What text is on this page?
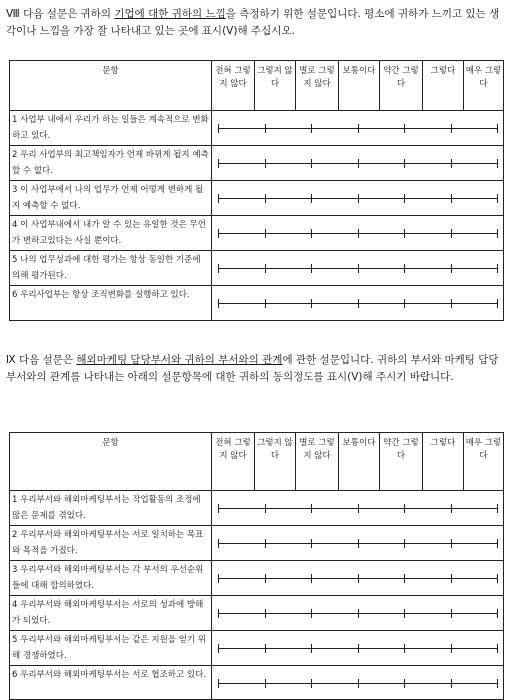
Ⅷ 다음 설문은 귀하의 기업에 대한 귀하의 느낌을 측정하기 위한 설문입니다. 평소에 귀하가 느끼고 있는 생각이나 느낌을 가장 잘 나타내고 있는 곳에 표시(V)해 주십시오.
문항	전혀 그렇지 않다	그렇지 않다	별로 그렇지 않다	보통이다	약간 그렇다	그렇다	매우 그렇다
1 사업부 내에서 우리가 하는 일들은 계속적으로 변화하고 있다.							

2 우리 사업부의 최고책임자가 언제 바뀌게 될지 예측할 수 없다.							

3 이 사업부에서 나의 업무가 언제 어떻게 변하게 될지 예측할 수 없다.							

4 이 사업부내에서 내가 알 수 있는 유일한 것은 무언가 변하고있다는 사실 뿐이다.							

5 나의 업무성과에 대한 평가는 항상 동일한 기준에 의해 평가된다.							

6 우리사업부는 항상 조직변화를 실행하고 있다.							
Ⅸ 다음 설문은 해외마케팅 담당부서와 귀하의 부서와의 관계에 관한 설문입니다. 귀하의 부서와 마케팅 담당부서와의 관계를 나타내는 아래의 설문항목에 대한 귀하의 동의정도를 표시(V)해 주시기 바랍니다.
문항	전혀 그렇지 않다	그렇지 않다	별로 그렇지 않다	보통이다	약간 그렇다	그렇다	매우 그렇다
1 우리부서와 해외마케팅부서는 작업활동의 조정에 많은 문제를 겪었다.							

2 우리부서와 해외마케팅부서는 서로 일치하는 목표와 목적을 가졌다.							

3 우리부서와 해외마케팅부서는 각 부서의 우선순위들에 대해 합의하였다.							

4 우리부서와 해외마케팅부서는 서로의 성과에 방해가 되었다.							

5 우리부서와 해외마케팅부서는 같은 지원을 얻기 위해 경쟁하였다.							

6 우리부서와 해외마케팅부서는 서로 협조하고 있다.							
